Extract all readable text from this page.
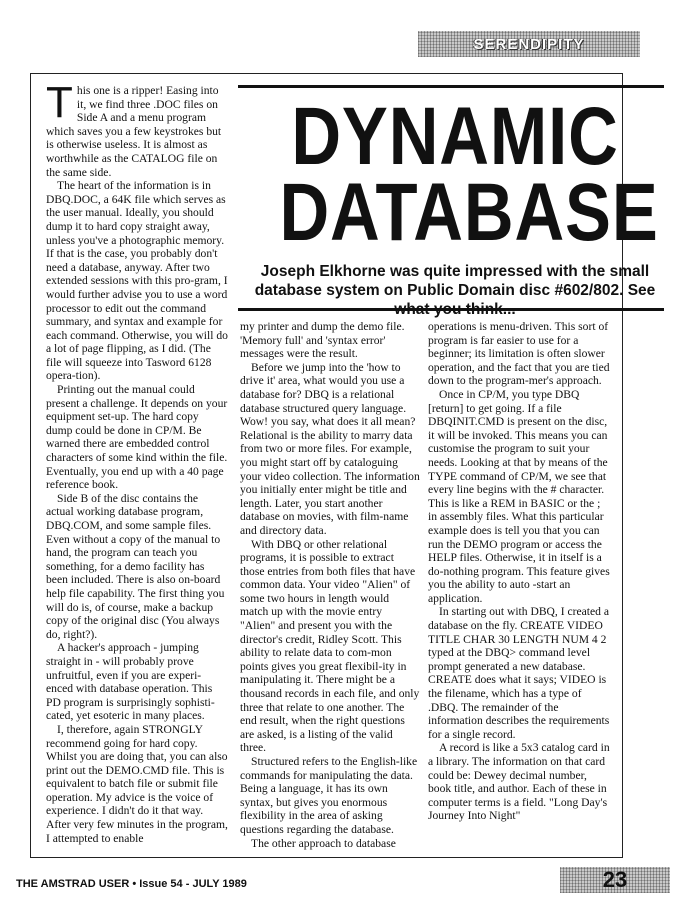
SERENDIPITY
DYNAMIC
DATABASE
Joseph Elkhorne was quite impressed with the small database system on Public Domain disc #602/802. See

This one is a ripper! Easing into it, we find three .DOC files on Side A and a menu program which saves you a few keystrokes but is otherwise useless. It is almost as worthwhile as the CATALOG file on the same side.

The heart of the information is in DBQ.DOC, a 64K file which serves as the user manual. Ideally, you should dump it to hard copy straight away, unless you've a photographic memory. If that is the case, you probably don't need a database, anyway. After two extended sessions with this pro-gram, I would further advise you to use a word processor to edit out the command summary, and syntax and example for each command. Otherwise, you will do a lot of page flipping, as I did. (The file will squeeze into Tasword 6128 opera-tion).

Printing out the manual could present a challenge. It depends on your equipment set-up. The hard copy dump could be done in CP/M. Be warned there are embedded control characters of some kind within the file. Eventually, you end up with a 40 page reference book.

Side B of the disc contains the actual working database program, DBQ.COM, and some sample files. Even without a copy of the manual to hand, the program can teach you something, for a demo facility has been included. There is also on-board help file capability. The first thing you will do is, of course, make a backup copy of the original disc (You always do, right?).

A hacker's approach - jumping straight in - will probably prove unfruitful, even if you are experi-enced with database operation. This PD program is surprisingly sophisti-cated, yet esoteric in many places.

I, therefore, again STRONGLY recommend going for hard copy. Whilst you are doing that, you can also print out the DEMO.CMD file. This is equivalent to batch file or submit file operation. My advice is the voice of experience. I didn't do it that way. After very few minutes in the program, I attempted to enable

my printer and dump the demo file. 'Memory full' and 'syntax error' messages were the result.

Before we jump into the 'how to drive it' area, what would you use a database for? DBQ is a relational database structured query language. Wow! you say, what does it all mean? Relational is the ability to marry data from two or more files. For example, you might start off by cataloguing your video collection. The information you initially enter might be title and length. Later, you start another database on movies, with film-name and directory data.

With DBQ or other relational programs, it is possible to extract those entries from both files that have common data. Your video "Alien" of some two hours in length would match up with the movie entry "Alien" and present you with the director's credit, Ridley Scott. This ability to relate data to com-mon points gives you great flexibil-ity in manipulating it. There might be a thousand records in each file, and only three that relate to one another. The end result, when the right questions are asked, is a listing of the valid three.

Structured refers to the English-like commands for manipulating the data. Being a language, it has its own syntax, but gives you enormous flexibility in the area of asking questions regarding the database.

The other approach to database

operations is menu-driven. This sort of program is far easier to use for a beginner; its limitation is often slower operation, and the fact that you are tied down to the program-mer's approach.

Once in CP/M, you type DBQ [return] to get going. If a file DBQINIT.CMD is present on the disc, it will be invoked. This means you can customise the program to suit your needs. Looking at that by means of the TYPE command of CP/M, we see that every line begins with the # character. This is like a REM in BASIC or the ; in assembly files. What this particular example does is tell you that you can run the DEMO program or access the HELP files. Otherwise, it in itself is a do-nothing program. This feature gives you the ability to auto -start an application.

In starting out with DBQ, I created a database on the fly. CREATE VIDEO TITLE CHAR 30 LENGTH NUM 4 2 typed at the DBQ> command level prompt generated a new database. CREATE does what it says; VIDEO is the filename, which has a type of .DBQ. The remainder of the information describes the requirements for a single record.

A record is like a 5x3 catalog card in a library. The information on that card could be: Dewey decimal number, book title, and author. Each of these in computer terms is a field. "Long Day's Journey Into Night"

THE AMSTRAD USER • Issue 54 - JULY 1989	23
